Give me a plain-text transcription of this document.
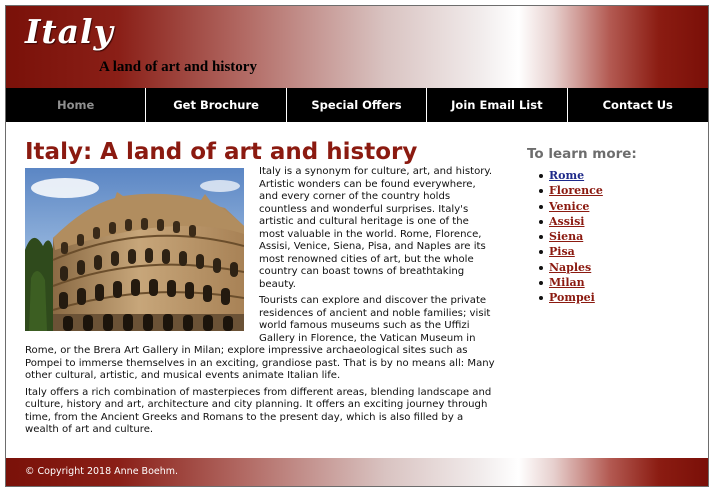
Italy
A land of art and history
Home	Get Brochure	Special Offers	Join Email List	Contact Us
Italy: A land of art and history

Italy is a synonym for culture, art, and history. Artistic wonders can be found everywhere, and every corner of the country holds countless and wonderful surprises. Italy's artistic and cultural heritage is one of the most valuable in the world. Rome, Florence, Assisi, Venice, Siena, Pisa, and Naples are its most renowned cities of art, but the whole country can boast towns of breathtaking beauty.

Tourists can explore and discover the private residences of ancient and noble families; visit world famous museums such as the Uffizi Gallery in Florence, the Vatican Museum in Rome, or the Brera Art Gallery in Milan; explore impressive archaeological sites such as Pompei to immerse themselves in an exciting, grandiose past. That is by no means all: Many other cultural, artistic, and musical events animate Italian life.

Italy offers a rich combination of masterpieces from different areas, blending landscape and culture, history and art, architecture and city planning. It offers an exciting journey through time, from the Ancient Greeks and Romans to the present day, which is also filled by a wealth of art and culture.

To learn more:
Rome
Florence
Venice
Assisi
Siena
Pisa
Naples
Milan
Pompei
© Copyright 2018 Anne Boehm.
